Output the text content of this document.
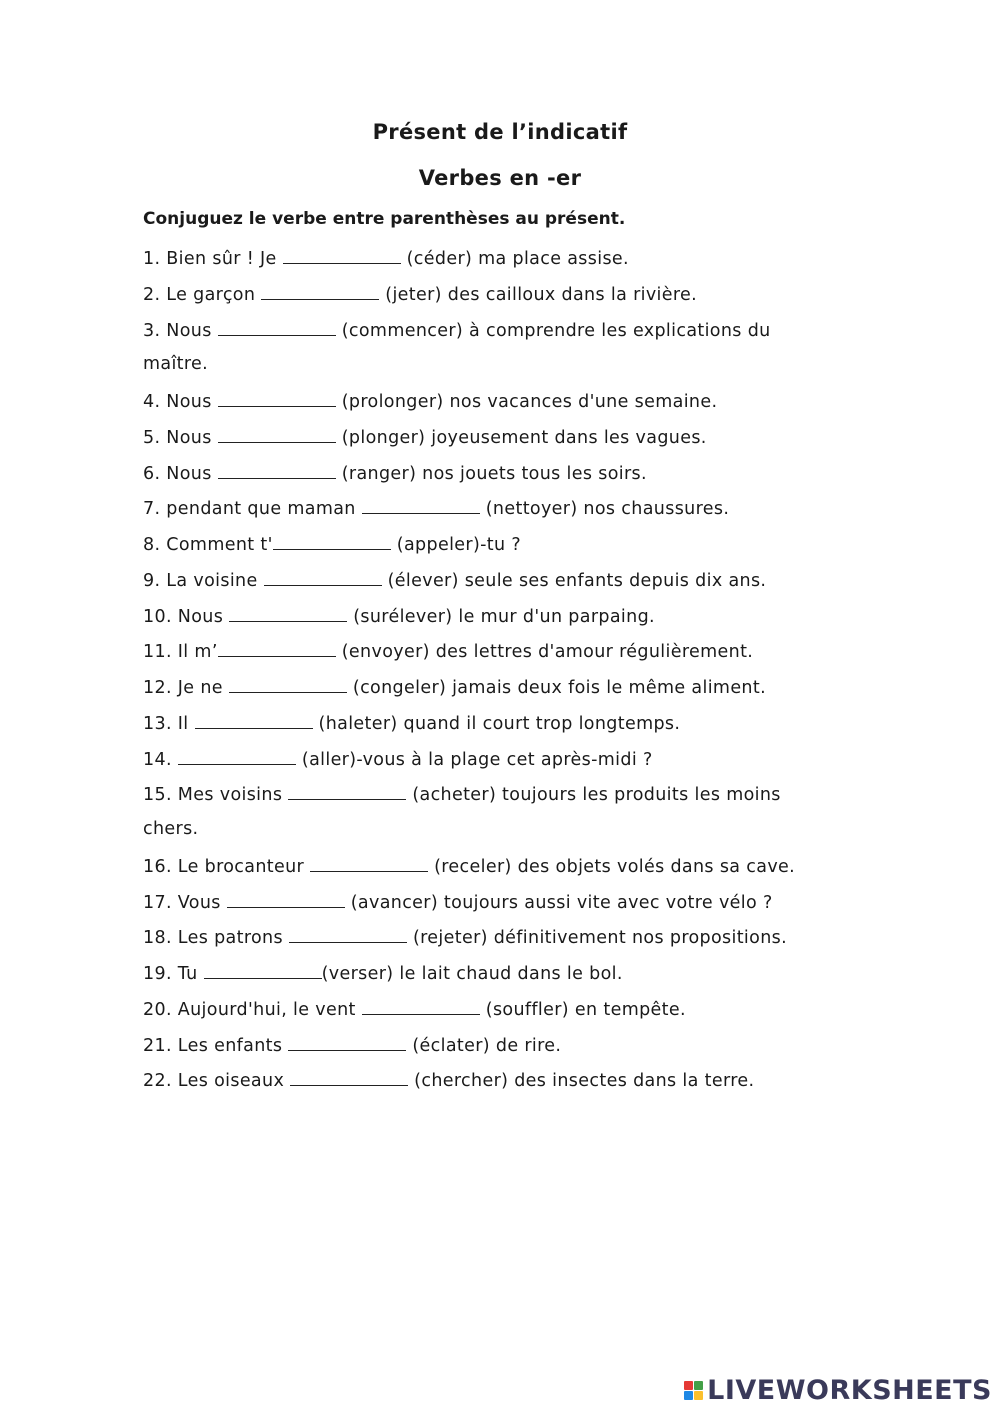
Présent de l’indicatif
Verbes en -er
Conjuguez le verbe entre parenthèses au présent.
1. Bien sûr ! Je	(céder) ma place assise.
2. Le garçon	(jeter) des cailloux dans la rivière.
3. Nous	(commencer) à comprendre les explications du
maître.
4. Nous	(prolonger) nos vacances d'une semaine.
5. Nous	(plonger) joyeusement dans les vagues.
6. Nous	(ranger) nos jouets tous les soirs.
7. pendant que maman	(nettoyer) nos chaussures.
8. Comment t'	(appeler)-tu ?
9. La voisine	(élever) seule ses enfants depuis dix ans.
10. Nous	(surélever) le mur d'un parpaing.
11. Il m’	(envoyer) des lettres d'amour régulièrement.
12. Je ne	(congeler) jamais deux fois le même aliment.
13. Il	(haleter) quand il court trop longtemps.
14.	(aller)-vous à la plage cet après-midi ?
15. Mes voisins	(acheter) toujours les produits les moins
chers.
16. Le brocanteur	(receler) des objets volés dans sa cave.
17. Vous	(avancer) toujours aussi vite avec votre vélo ?
18. Les patrons	(rejeter) définitivement nos propositions.
19. Tu	(verser) le lait chaud dans le bol.
20. Aujourd'hui, le vent	(souffler) en tempête.
21. Les enfants	(éclater) de rire.
22. Les oiseaux	(chercher) des insectes dans la terre.
LIVEWORKSHEETS
